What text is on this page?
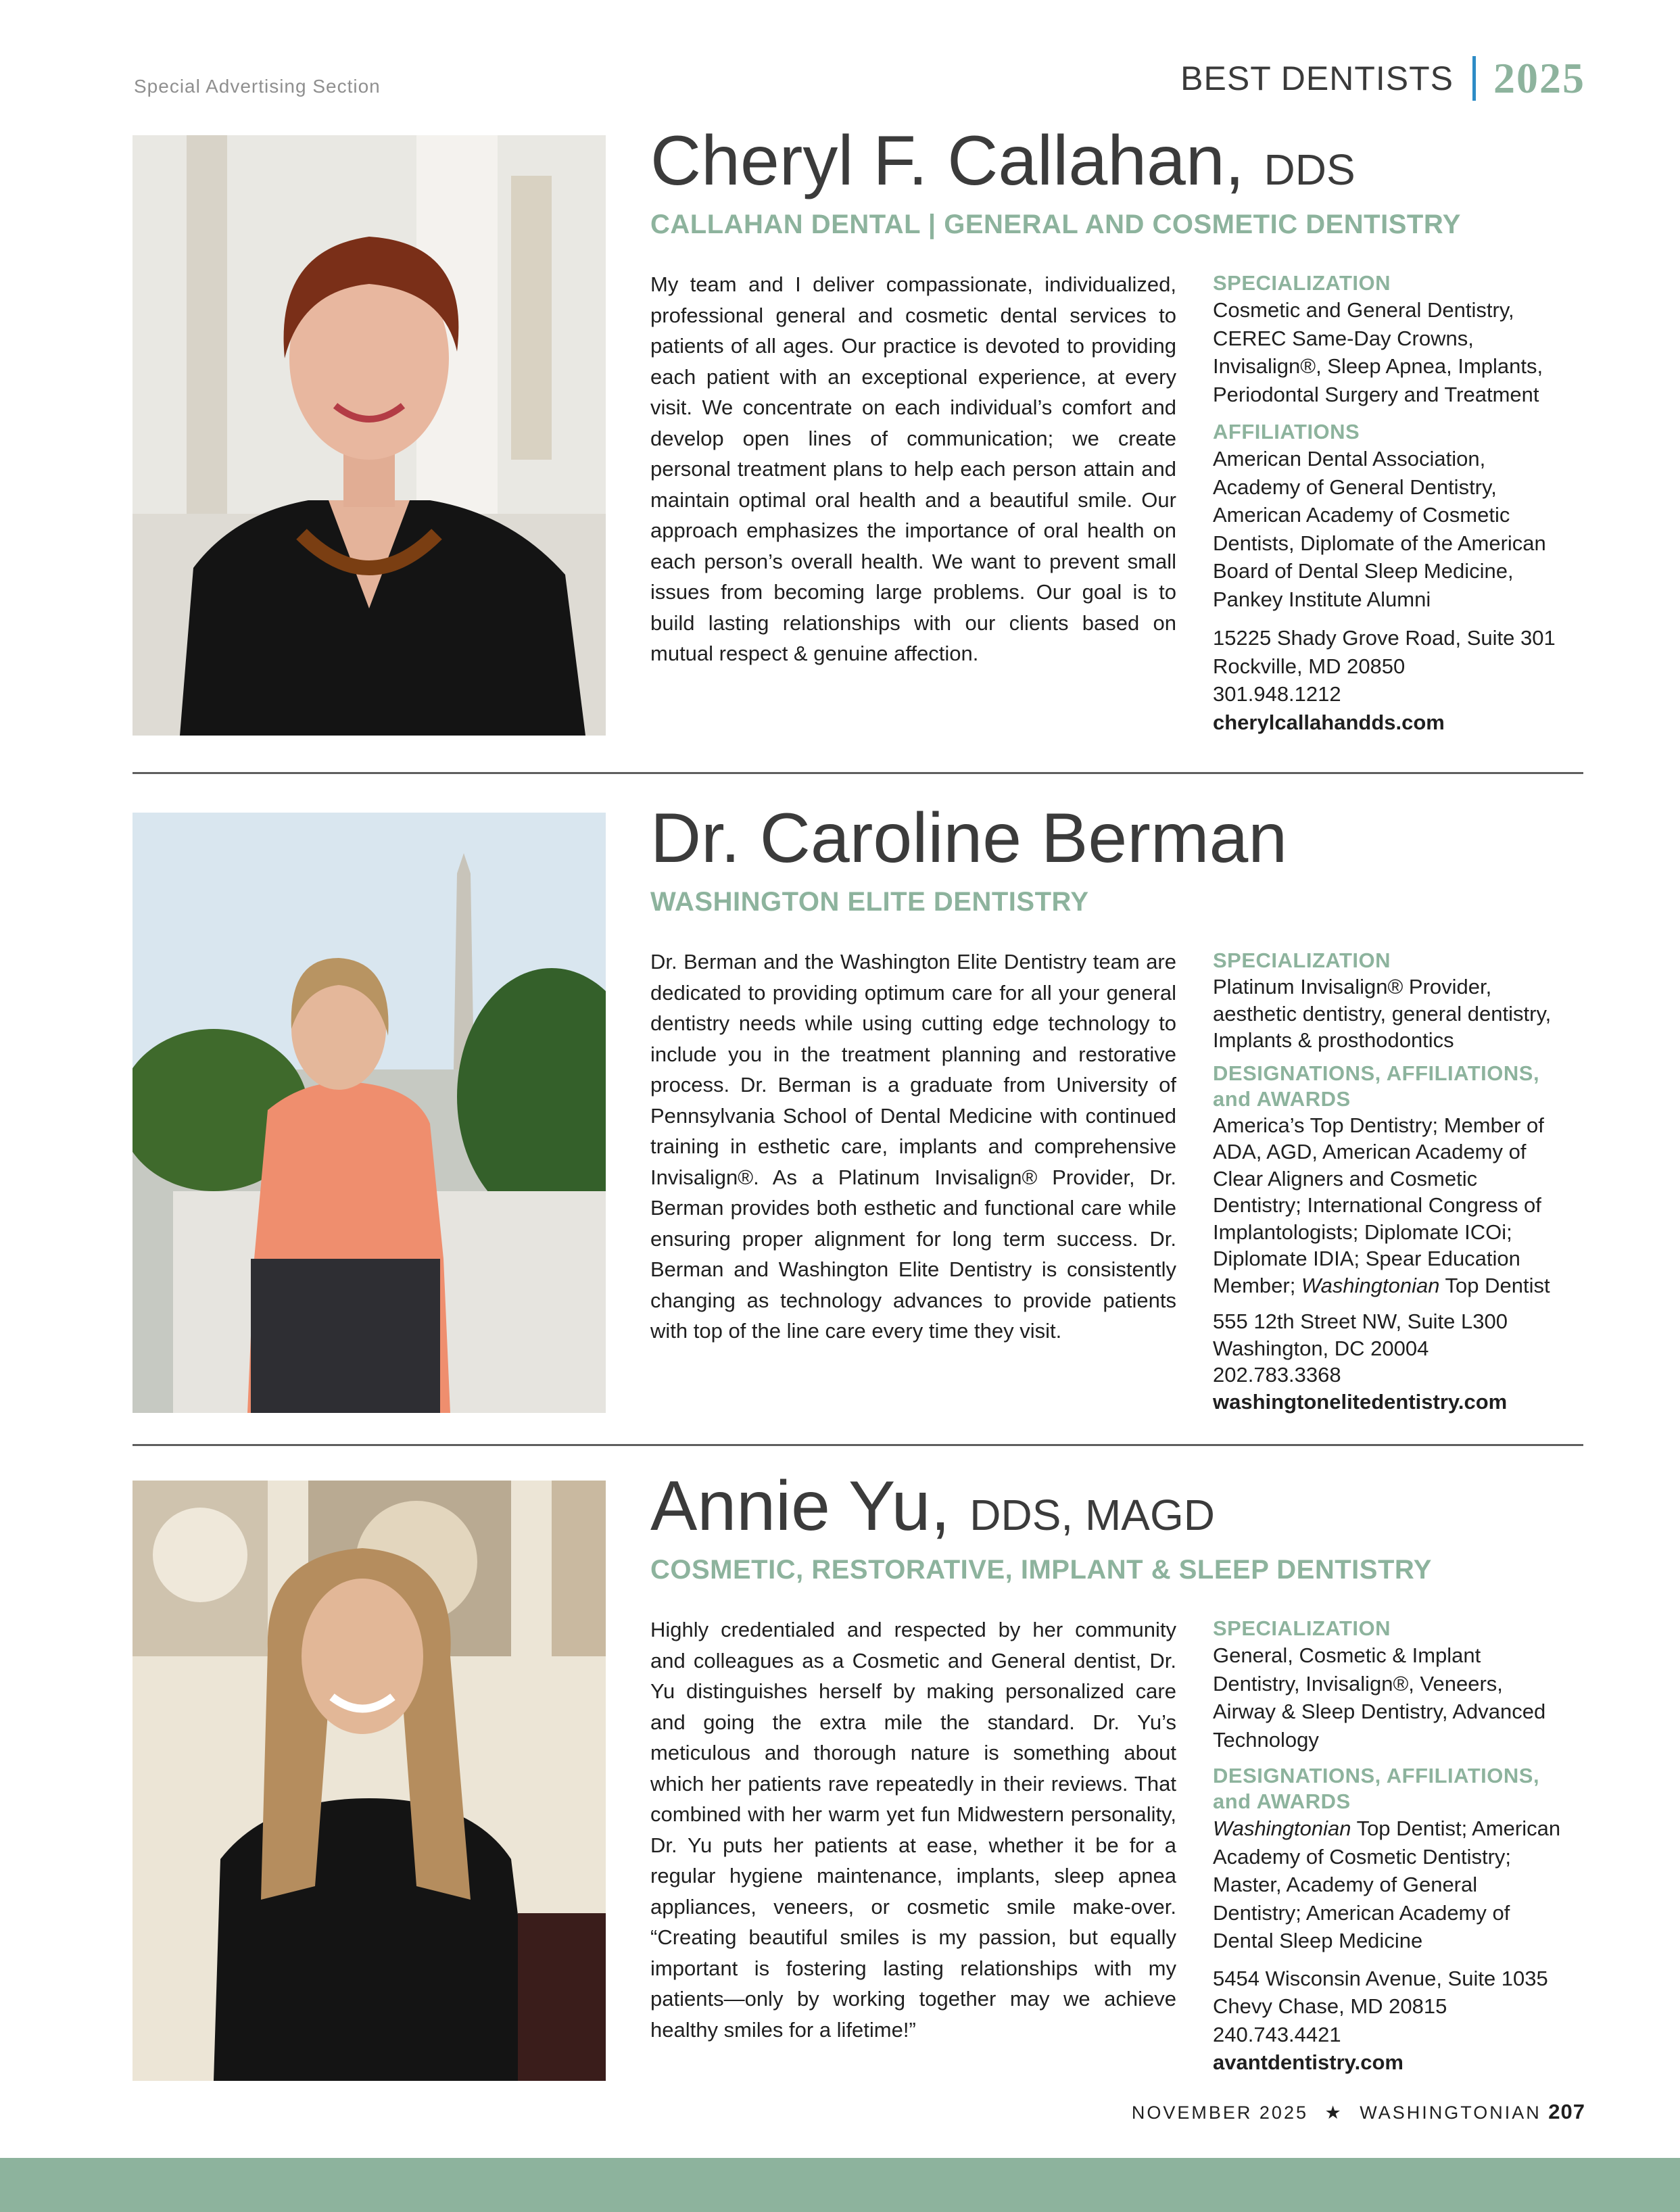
Special Advertising Section	BEST DENTISTS 2025
Cheryl F. Callahan, DDS
CALLAHAN DENTAL | GENERAL AND COSMETIC DENTISTRY
My team and I deliver compassionate, individualized, professional general and cosmetic dental services to patients of all ages. Our practice is devoted to providing each patient with an exceptional experience, at every visit. We concentrate on each individual’s comfort and develop open lines of communication; we create personal treatment plans to help each person attain and maintain optimal oral health and a beautiful smile. Our approach emphasizes the importance of oral health on each person’s overall health. We want to prevent small issues from becoming large problems. Our goal is to build lasting relationships with our clients based on mutual respect & genuine affection.
SPECIALIZATION
Cosmetic and General Dentistry,
CEREC Same-Day Crowns,
Invisalign®, Sleep Apnea, Implants,
Periodontal Surgery and Treatment
AFFILIATIONS
American Dental Association,
Academy of General Dentistry,
American Academy of Cosmetic
Dentists, Diplomate of the American
Board of Dental Sleep Medicine,
Pankey Institute Alumni
15225 Shady Grove Road, Suite 301
Rockville, MD 20850
301.948.1212
cherylcallahandds.com
Dr. Caroline Berman
WASHINGTON ELITE DENTISTRY
Dr. Berman and the Washington Elite Dentistry team are dedicated to providing optimum care for all your general dentistry needs while using cutting edge technology to include you in the treatment planning and restorative process. Dr. Berman is a graduate from University of Pennsylvania School of Dental Medicine with continued training in esthetic care, implants and comprehensive Invisalign®. As a Platinum Invisalign® Provider, Dr. Berman provides both esthetic and functional care while ensuring proper alignment for long term success. Dr. Berman and Washington Elite Dentistry is consistently changing as technology advances to provide patients with top of the line care every time they visit.
SPECIALIZATION
Platinum Invisalign® Provider,
aesthetic dentistry, general dentistry,
Implants & prosthodontics
DESIGNATIONS, AFFILIATIONS,
and AWARDS
America’s Top Dentistry; Member of
ADA, AGD, American Academy of
Clear Aligners and Cosmetic
Dentistry; International Congress of
Implantologists; Diplomate ICOi;
Diplomate IDIA; Spear Education
Member; Washingtonian Top Dentist
555 12th Street NW, Suite L300
Washington, DC 20004
202.783.3368
washingtonelitedentistry.com
Annie Yu, DDS, MAGD
COSMETIC, RESTORATIVE, IMPLANT & SLEEP DENTISTRY
Highly credentialed and respected by her community and colleagues as a Cosmetic and General dentist, Dr. Yu distinguishes herself by making personalized care and going the extra mile the standard. Dr. Yu’s meticulous and thorough nature is something about which her patients rave repeatedly in their reviews. That combined with her warm yet fun Midwestern personality, Dr. Yu puts her patients at ease, whether it be for a regular hygiene maintenance, implants, sleep apnea appliances, veneers, or cosmetic smile make-over. “Creating beautiful smiles is my passion, but equally important is fostering lasting relationships with my patients—only by working together may we achieve healthy smiles for a lifetime!”
SPECIALIZATION
General, Cosmetic & Implant
Dentistry, Invisalign®, Veneers,
Airway & Sleep Dentistry, Advanced
Technology
DESIGNATIONS, AFFILIATIONS,
and AWARDS
Washingtonian Top Dentist; American
Academy of Cosmetic Dentistry;
Master, Academy of General
Dentistry; American Academy of
Dental Sleep Medicine
5454 Wisconsin Avenue, Suite 1035
Chevy Chase, MD 20815
240.743.4421
avantdentistry.com
NOVEMBER 2025 ★ WASHINGTONIAN 207
